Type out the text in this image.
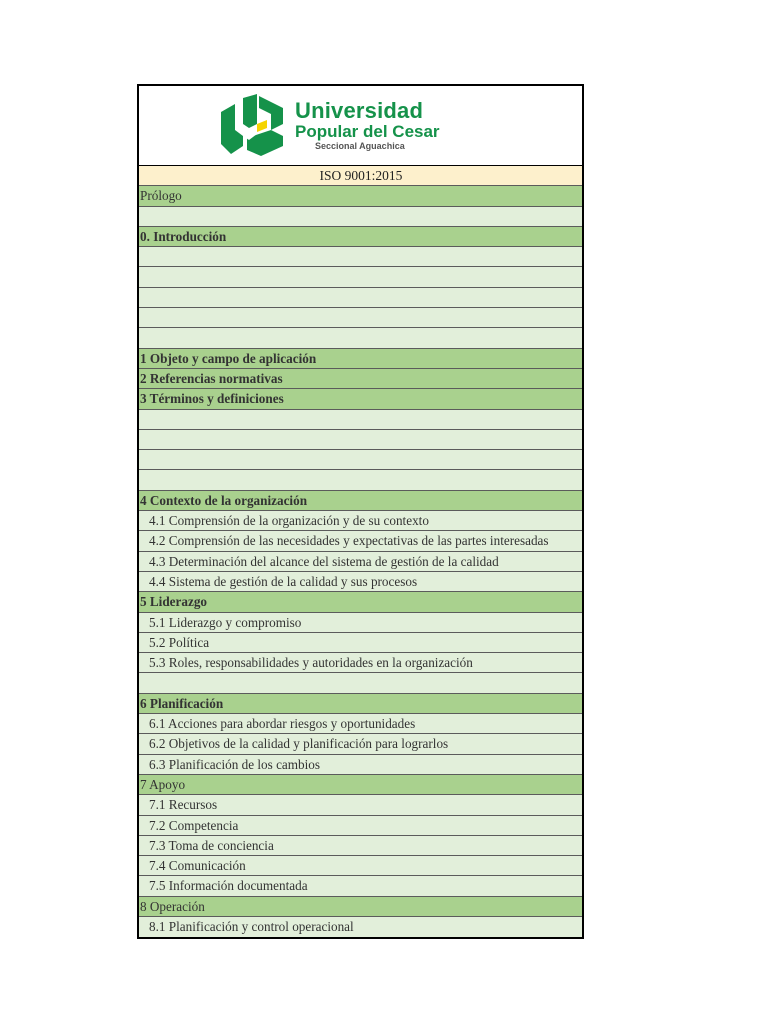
Universidad
Popular del Cesar
Seccional Aguachica
ISO 9001:2015
Prólogo
0. Introducción
1 Objeto y campo de aplicación
2 Referencias normativas
3 Términos y definiciones
4 Contexto de la organización
4.1 Comprensión de la organización y de su contexto
4.2 Comprensión de las necesidades y expectativas de las partes interesadas
4.3 Determinación del alcance del sistema de gestión de la calidad
4.4 Sistema de gestión de la calidad y sus procesos
5 Liderazgo
5.1 Liderazgo y compromiso
5.2 Política
5.3 Roles, responsabilidades y autoridades en la organización
6 Planificación
6.1 Acciones para abordar riesgos y oportunidades
6.2 Objetivos de la calidad y planificación para lograrlos
6.3 Planificación de los cambios
7 Apoyo
7.1 Recursos
7.2 Competencia
7.3 Toma de conciencia
7.4 Comunicación
7.5 Información documentada
8 Operación
8.1 Planificación y control operacional
